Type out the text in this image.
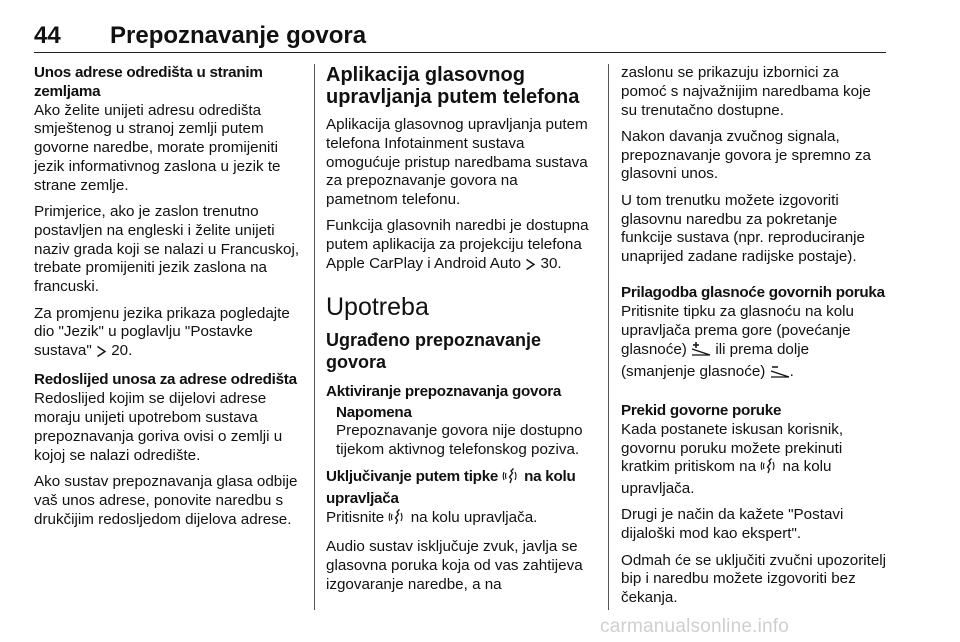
44 Prepoznavanje govora
Unos adrese odredišta u stranim zemljama

Ako želite unijeti adresu odredišta smještenog u stranoj zemlji putem govorne naredbe, morate promijeniti jezik informativnog zaslona u jezik te strane zemlje.

Primjerice, ako je zaslon trenutno postavljen na engleski i želite unijeti naziv grada koji se nalazi u Francuskoj, trebate promijeniti jezik zaslona na francuski.

Za promjenu jezika prikaza pogledajte dio "Jezik" u poglavlju "Postavke sustava" 20.

Redoslijed unosa za adrese odredišta

Redoslijed kojim se dijelovi adrese moraju unijeti upotrebom sustava prepoznavanja goriva ovisi o zemlji u kojoj se nalazi odredište.

Ako sustav prepoznavanja glasa odbije vaš unos adrese, ponovite naredbu s drukčijim redosljedom dijelova adrese.

Aplikacija glasovnog upravljanja putem telefona

Aplikacija glasovnog upravljanja putem telefona Infotainment sustava omogućuje pristup naredbama sustava za prepoznavanje govora na pametnom telefonu.

Funkcija glasovnih naredbi je dostupna putem aplikacija za projekciju telefona Apple CarPlay i Android Auto 30.

Upotreba
Ugrađeno prepoznavanje govora
Aktiviranje prepoznavanja govora
Napomena
Prepoznavanje govora nije dostupno tijekom aktivnog telefonskog poziva.
Uključivanje putem tipke na kolu upravljača

Pritisnite na kolu upravljača.

Audio sustav isključuje zvuk, javlja se glasovna poruka koja od vas zahtijeva izgovaranje naredbe, a na

zaslonu se prikazuju izbornici za pomoć s najvažnijim naredbama koje su trenutačno dostupne.

Nakon davanja zvučnog signala, prepoznavanje govora je spremno za glasovni unos.

U tom trenutku možete izgovoriti glasovnu naredbu za pokretanje funkcije sustava (npr. reproduciranje unaprijed zadane radijske postaje).

Prilagodba glasnoće govornih poruka

Pritisnite tipku za glasnoću na kolu upravljača prema gore (povećanje glasnoće) ili prema dolje (smanjenje glasnoće) .

Prekid govorne poruke

Kada postanete iskusan korisnik, govornu poruku možete prekinuti kratkim pritiskom na na kolu upravljača.

Drugi je način da kažete "Postavi dijaloški mod kao ekspert".

Odmah će se uključiti zvučni upozoritelj bip i naredbu možete izgovoriti bez čekanja.

carmanualsonline.info
